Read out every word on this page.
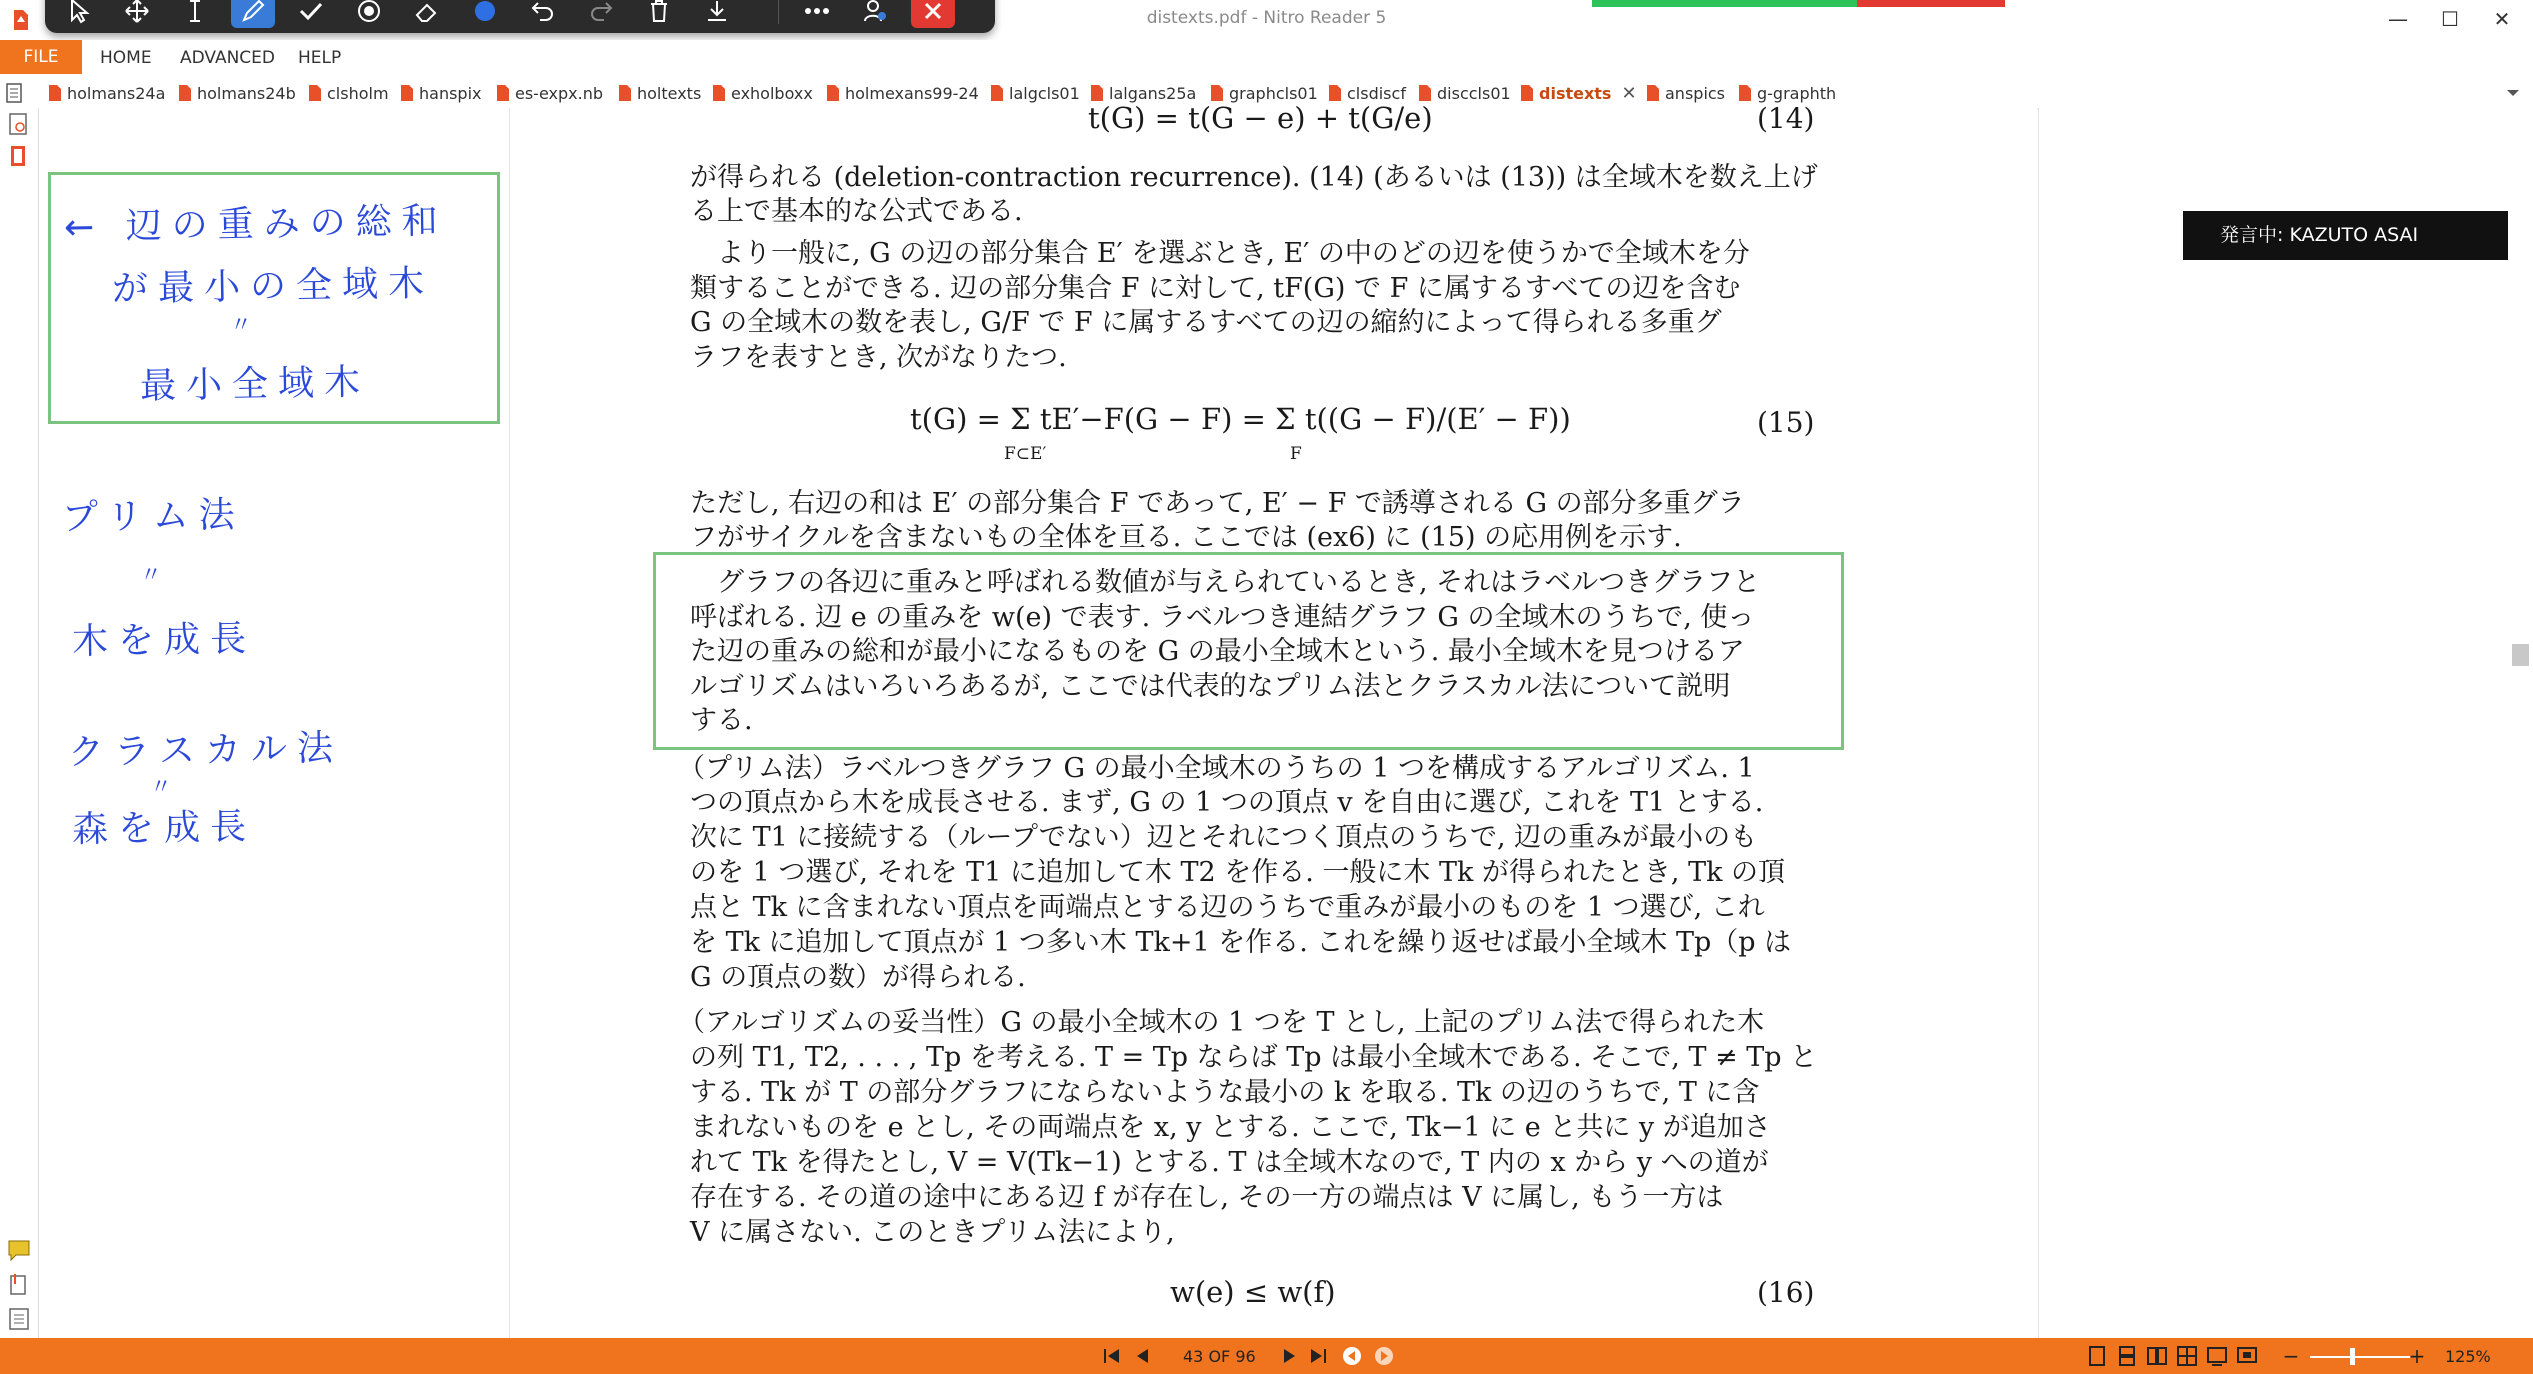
distexts.pdf - Nitro Reader 5	—	☐	✕
FILE	HOME ADVANCED HELP
holmans24a holmans24b clsholm hanspix es-expx.nb holtexts exholboxx holmexans99-24 lalgcls01 lalgans25a graphcls01 clsdiscf disccls01 distexts ✕ anspics g-graphth
← 辺の重みの総和
が最小の全域木
〃
最小全域木
プリム法
〃
木を成長
クラスカル法
〃
森を成長
t(G) = t(G − e) + t(G/e)	(14)
が得られる (deletion-contraction recurrence). (14) (あるいは (13)) は全域木を数え上げ
る上で基本的な公式である.
　より一般に, G の辺の部分集合 E′ を選ぶとき, E′ の中のどの辺を使うかで全域木を分
類することができる. 辺の部分集合 F に対して, tF(G) で F に属するすべての辺を含む
G の全域木の数を表し, G/F で F に属するすべての辺の縮約によって得られる多重グ
ラフを表すとき, 次がなりたつ.
t(G) = Σ tE′−F(G − F) = Σ t((G − F)/(E′ − F))
F⊂E′	F
(15)
ただし, 右辺の和は E′ の部分集合 F であって, E′ − F で誘導される G の部分多重グラ
フがサイクルを含まないもの全体を亘る. ここでは (ex6) に (15) の応用例を示す.
　グラフの各辺に重みと呼ばれる数値が与えられているとき, それはラベルつきグラフと
呼ばれる. 辺 e の重みを w(e) で表す. ラベルつき連結グラフ G の全域木のうちで, 使っ
た辺の重みの総和が最小になるものを G の最小全域木という. 最小全域木を見つけるア
ルゴリズムはいろいろあるが, ここでは代表的なプリム法とクラスカル法について説明
する.
（プリム法）ラベルつきグラフ G の最小全域木のうちの 1 つを構成するアルゴリズム. 1
つの頂点から木を成長させる. まず, G の 1 つの頂点 v を自由に選び, これを T1 とする.
次に T1 に接続する（ループでない）辺とそれにつく頂点のうちで, 辺の重みが最小のも
のを 1 つ選び, それを T1 に追加して木 T2 を作る. 一般に木 Tk が得られたとき, Tk の頂
点と Tk に含まれない頂点を両端点とする辺のうちで重みが最小のものを 1 つ選び, これ
を Tk に追加して頂点が 1 つ多い木 Tk+1 を作る. これを繰り返せば最小全域木 Tp（p は
G の頂点の数）が得られる.
（アルゴリズムの妥当性）G の最小全域木の 1 つを T とし, 上記のプリム法で得られた木
の列 T1, T2, . . . , Tp を考える. T = Tp ならば Tp は最小全域木である. そこで, T ≠ Tp と
する. Tk が T の部分グラフにならないような最小の k を取る. Tk の辺のうちで, T に含
まれないものを e とし, その両端点を x, y とする. ここで, Tk−1 に e と共に y が追加さ
れて Tk を得たとし, V = V(Tk−1) とする. T は全域木なので, T 内の x から y への道が
存在する. その道の途中にある辺 f が存在し, その一方の端点は V に属し, もう一方は
V に属さない. このときプリム法により,
w(e) ≤ w(f)	(16)
発言中: KAZUTO ASAI
43 OF 96	−	+ 125%
